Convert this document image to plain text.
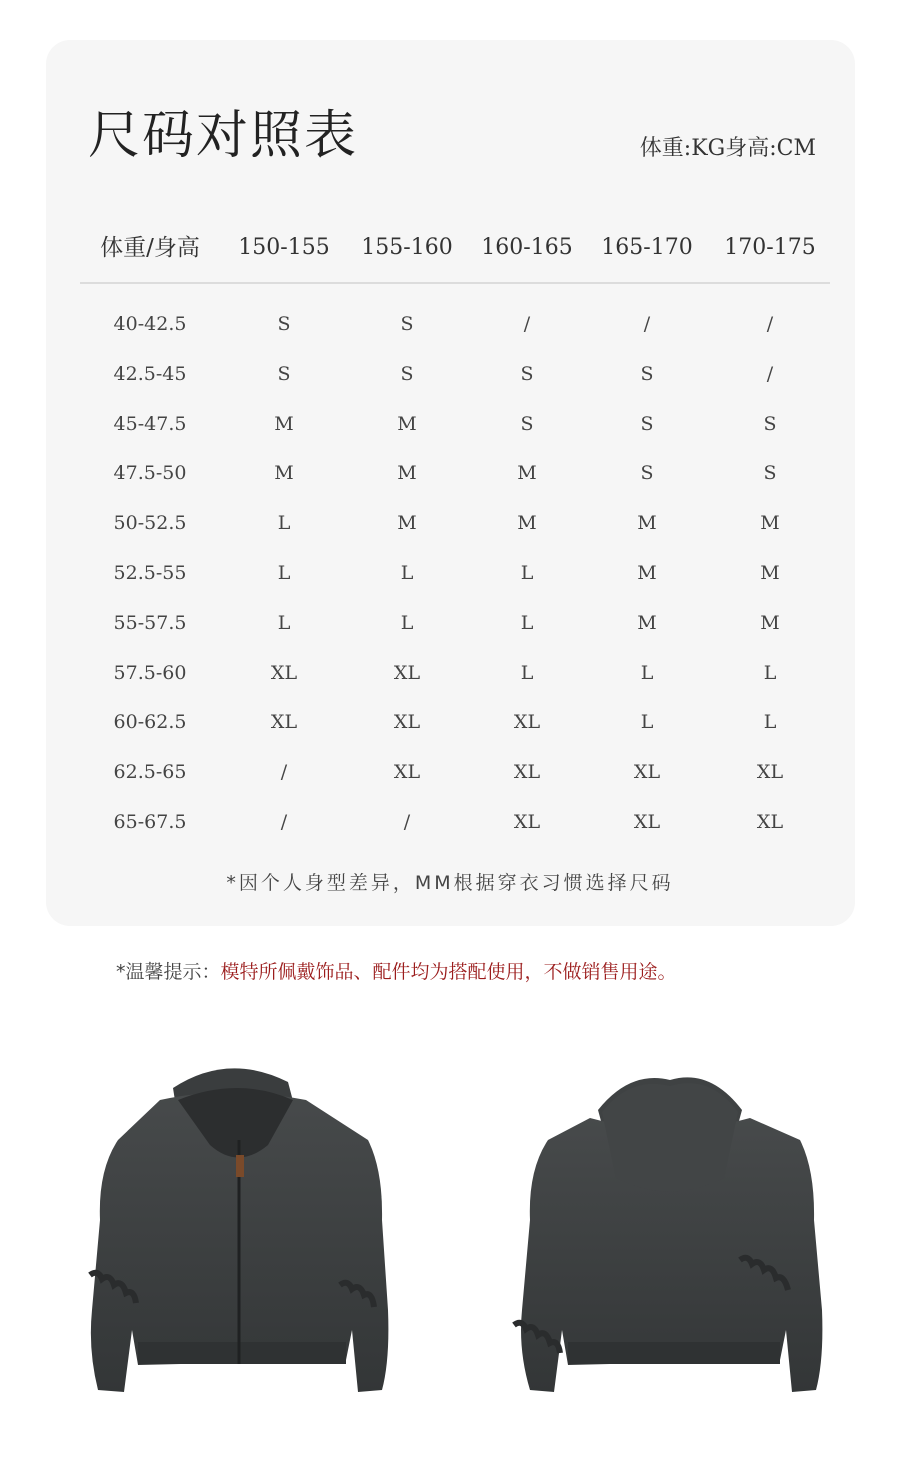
尺码对照表	体重:KG身高:CM
体重/身高	150-155	155-160	160-165	165-170	170-175
40-42.5	S	S	/	/	/
42.5-45	S	S	S	S	/
45-47.5	M	M	S	S	S
47.5-50	M	M	M	S	S
50-52.5	L	M	M	M	M
52.5-55	L	L	L	M	M
55-57.5	L	L	L	M	M
57.5-60	XL	XL	L	L	L
60-62.5	XL	XL	XL	L	L
62.5-65	/	XL	XL	XL	XL
65-67.5	/	/	XL	XL	XL
*因个人身型差异，MM根据穿衣习惯选择尺码
*温馨提示：模特所佩戴饰品、配件均为搭配使用，不做销售用途。
